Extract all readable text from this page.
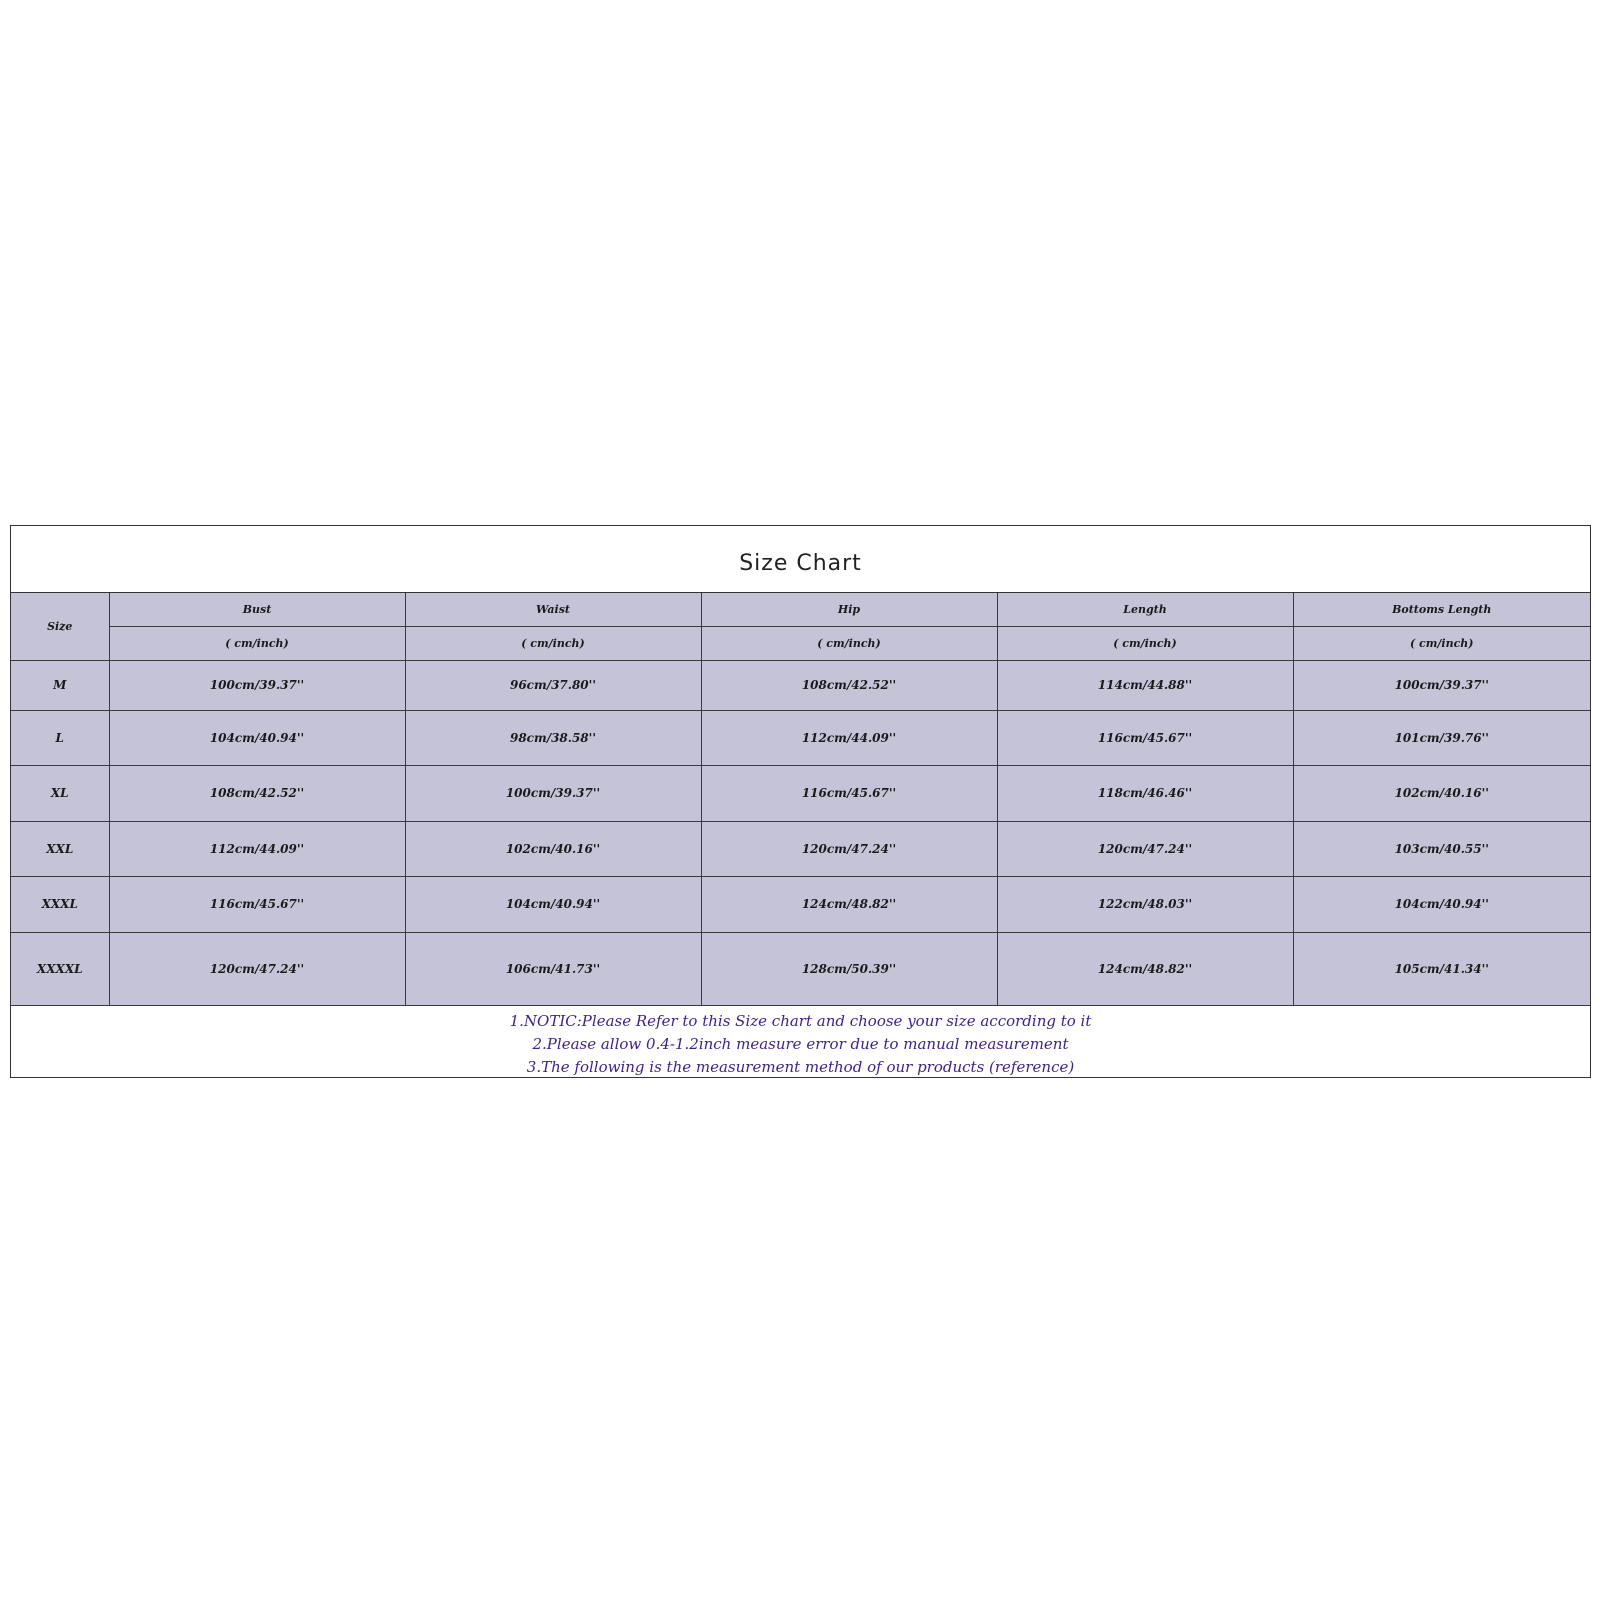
Size Chart
Size	Bust	Waist	Hip	Length	Bottoms Length
	( cm/inch)	( cm/inch)	( cm/inch)	( cm/inch)	( cm/inch)
M	100cm/39.37''	96cm/37.80''	108cm/42.52''	114cm/44.88''	100cm/39.37''
L	104cm/40.94''	98cm/38.58''	112cm/44.09''	116cm/45.67''	101cm/39.76''
XL	108cm/42.52''	100cm/39.37''	116cm/45.67''	118cm/46.46''	102cm/40.16''
XXL	112cm/44.09''	102cm/40.16''	120cm/47.24''	120cm/47.24''	103cm/40.55''
XXXL	116cm/45.67''	104cm/40.94''	124cm/48.82''	122cm/48.03''	104cm/40.94''
XXXXL	120cm/47.24''	106cm/41.73''	128cm/50.39''	124cm/48.82''	105cm/41.34''
1.NOTIC:Please Refer to this Size chart and choose your size according to it
2.Please allow 0.4-1.2inch measure error due to manual measurement
3.The following is the measurement method of our products (reference)
